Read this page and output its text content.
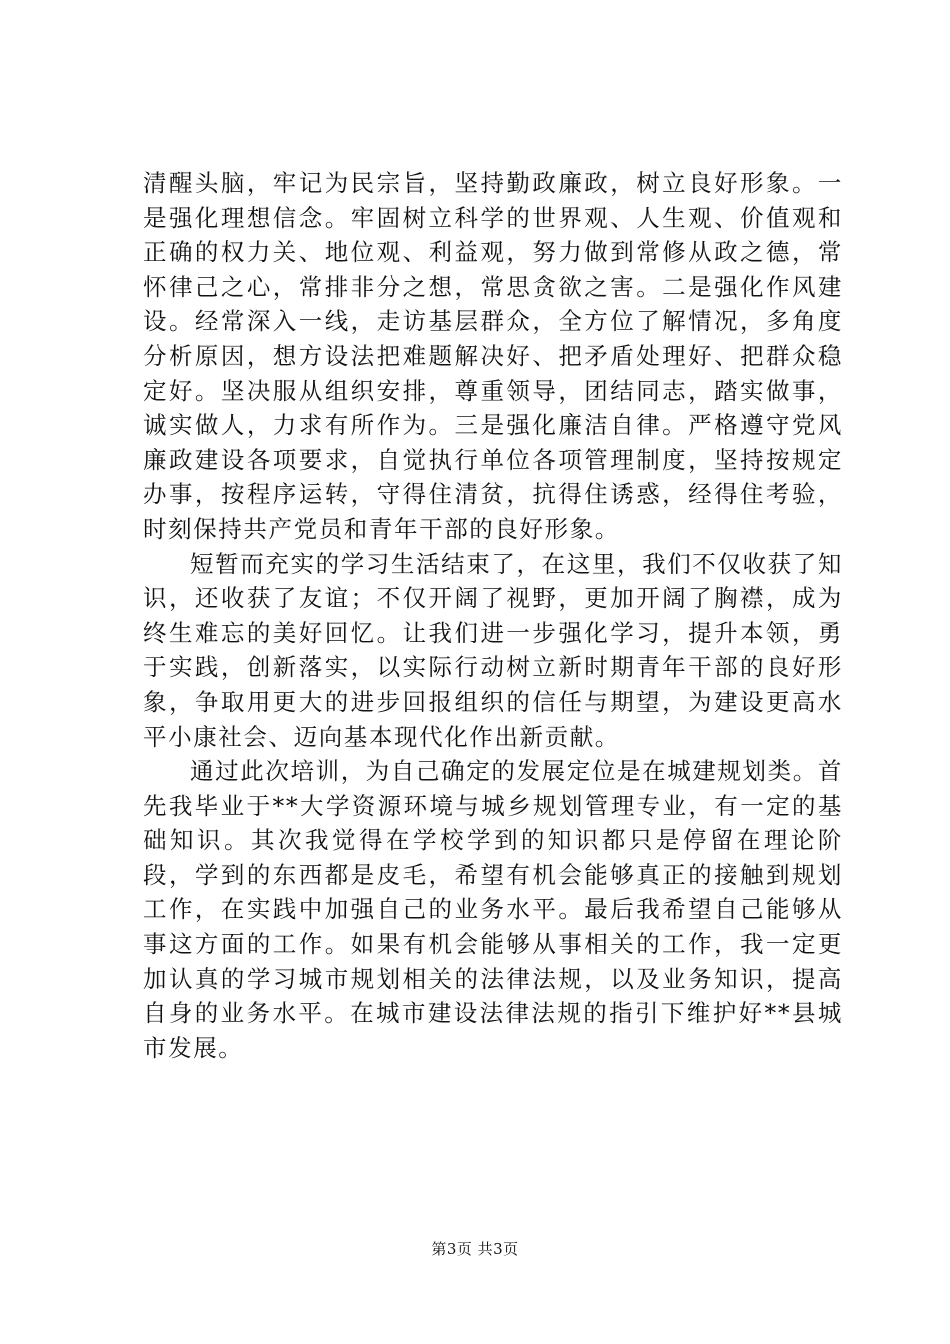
清醒头脑，牢记为民宗旨，坚持勤政廉政，树立良好形象。一是强化理想信念。牢固树立科学的世界观、人生观、价值观和正确的权力关、地位观、利益观，努力做到常修从政之德，常怀律己之心，常排非分之想，常思贪欲之害。二是强化作风建设。经常深入一线，走访基层群众，全方位了解情况，多角度分析原因，想方设法把难题解决好、把矛盾处理好、把群众稳定好。坚决服从组织安排，尊重领导，团结同志，踏实做事，诚实做人，力求有所作为。三是强化廉洁自律。严格遵守党风廉政建设各项要求，自觉执行单位各项管理制度，坚持按规定办事，按程序运转，守得住清贫，抗得住诱惑，经得住考验，时刻保持共产党员和青年干部的良好形象。

短暂而充实的学习生活结束了，在这里，我们不仅收获了知识，还收获了友谊；不仅开阔了视野，更加开阔了胸襟，成为终生难忘的美好回忆。让我们进一步强化学习，提升本领，勇于实践，创新落实，以实际行动树立新时期青年干部的良好形象，争取用更大的进步回报组织的信任与期望，为建设更高水平小康社会、迈向基本现代化作出新贡献。

通过此次培训，为自己确定的发展定位是在城建规划类。首先我毕业于**大学资源环境与城乡规划管理专业，有一定的基础知识。其次我觉得在学校学到的知识都只是停留在理论阶段，学到的东西都是皮毛，希望有机会能够真正的接触到规划工作，在实践中加强自己的业务水平。最后我希望自己能够从事这方面的工作。如果有机会能够从事相关的工作，我一定更加认真的学习城市规划相关的法律法规，以及业务知识，提高自身的业务水平。在城市建设法律法规的指引下维护好**县城市发展。

第3页 共3页
